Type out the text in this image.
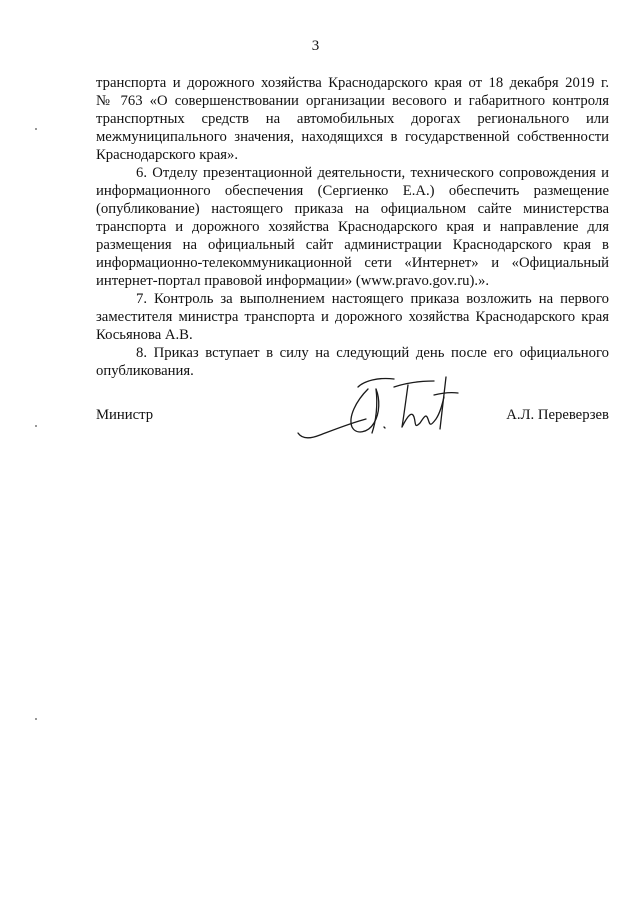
3

транспорта и дорожного хозяйства Краснодарского края от 18 декабря 2019 г.
№ 763 «О совершенствовании организации весового и габаритного контроля
транспортных средств на автомобильных дорогах регионального или
межмуниципального значения, находящихся в государственной собственности
Краснодарского края».

6. Отделу презентационной деятельности, технического сопровождения и
информационного обеспечения (Сергиенко Е.А.) обеспечить размещение
(опубликование) настоящего приказа на официальном сайте министерства
транспорта и дорожного хозяйства Краснодарского края и направление для
размещения на официальный сайт администрации Краснодарского края в
информационно-телекоммуникационной сети «Интернет» и «Официальный
интернет-портал правовой информации» (www.pravo.gov.ru).».

7. Контроль за выполнением настоящего приказа возложить на первого
заместителя министра транспорта и дорожного хозяйства Краснодарского края
Косьянова А.В.

8. Приказ вступает в силу на следующий день после его официального
опубликования.

Министр	А.Л. Переверзев
